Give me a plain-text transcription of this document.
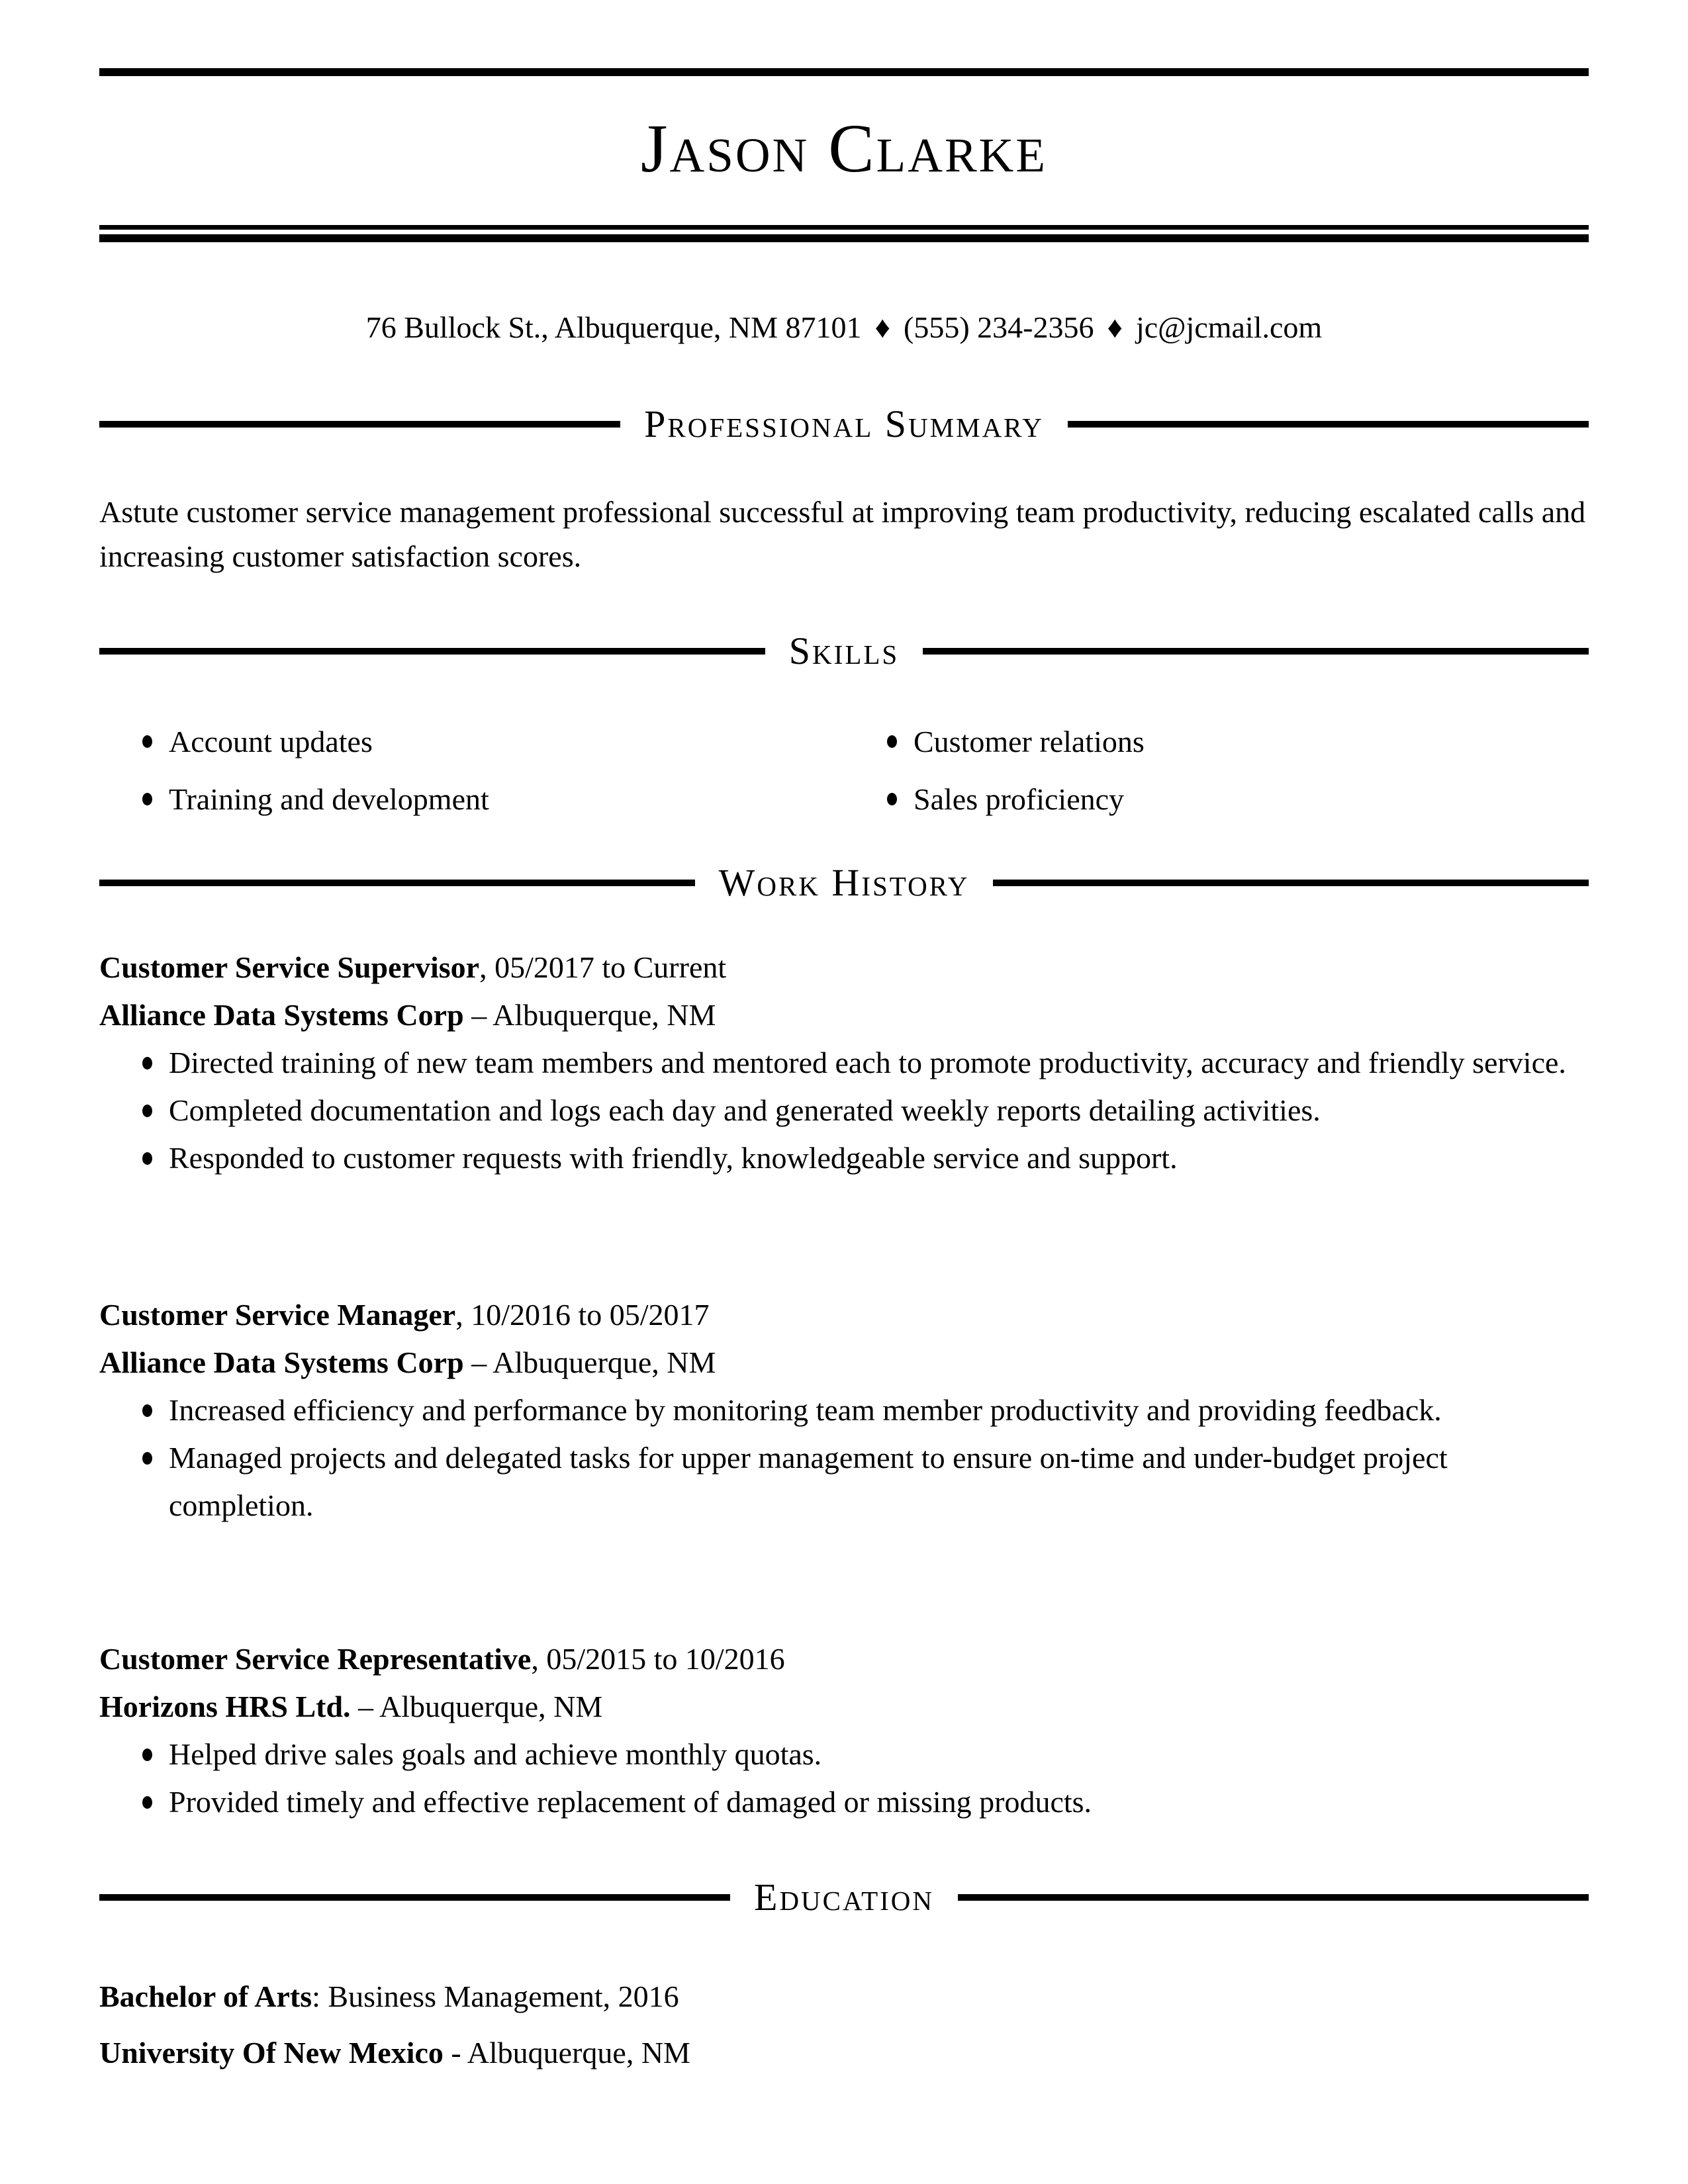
Jason Clarke
76 Bullock St., Albuquerque, NM 87101 ♦ (555) 234-2356 ♦ jc@jcmail.com
Professional Summary
Astute customer service management professional successful at improving team productivity, reducing escalated calls and increasing customer satisfaction scores.
Skills
Account updates	Customer relations
Training and development	Sales proficiency
Work History
Customer Service Supervisor, 05/2017 to Current
Alliance Data Systems Corp – Albuquerque, NM
Directed training of new team members and mentored each to promote productivity, accuracy and friendly service.
Completed documentation and logs each day and generated weekly reports detailing activities.
Responded to customer requests with friendly, knowledgeable service and support.
Customer Service Manager, 10/2016 to 05/2017
Alliance Data Systems Corp – Albuquerque, NM
Increased efficiency and performance by monitoring team member productivity and providing feedback.
Managed projects and delegated tasks for upper management to ensure on-time and under-budget project completion.
Customer Service Representative, 05/2015 to 10/2016
Horizons HRS Ltd. – Albuquerque, NM
Helped drive sales goals and achieve monthly quotas.
Provided timely and effective replacement of damaged or missing products.
Education
Bachelor of Arts: Business Management, 2016
University Of New Mexico - Albuquerque, NM
